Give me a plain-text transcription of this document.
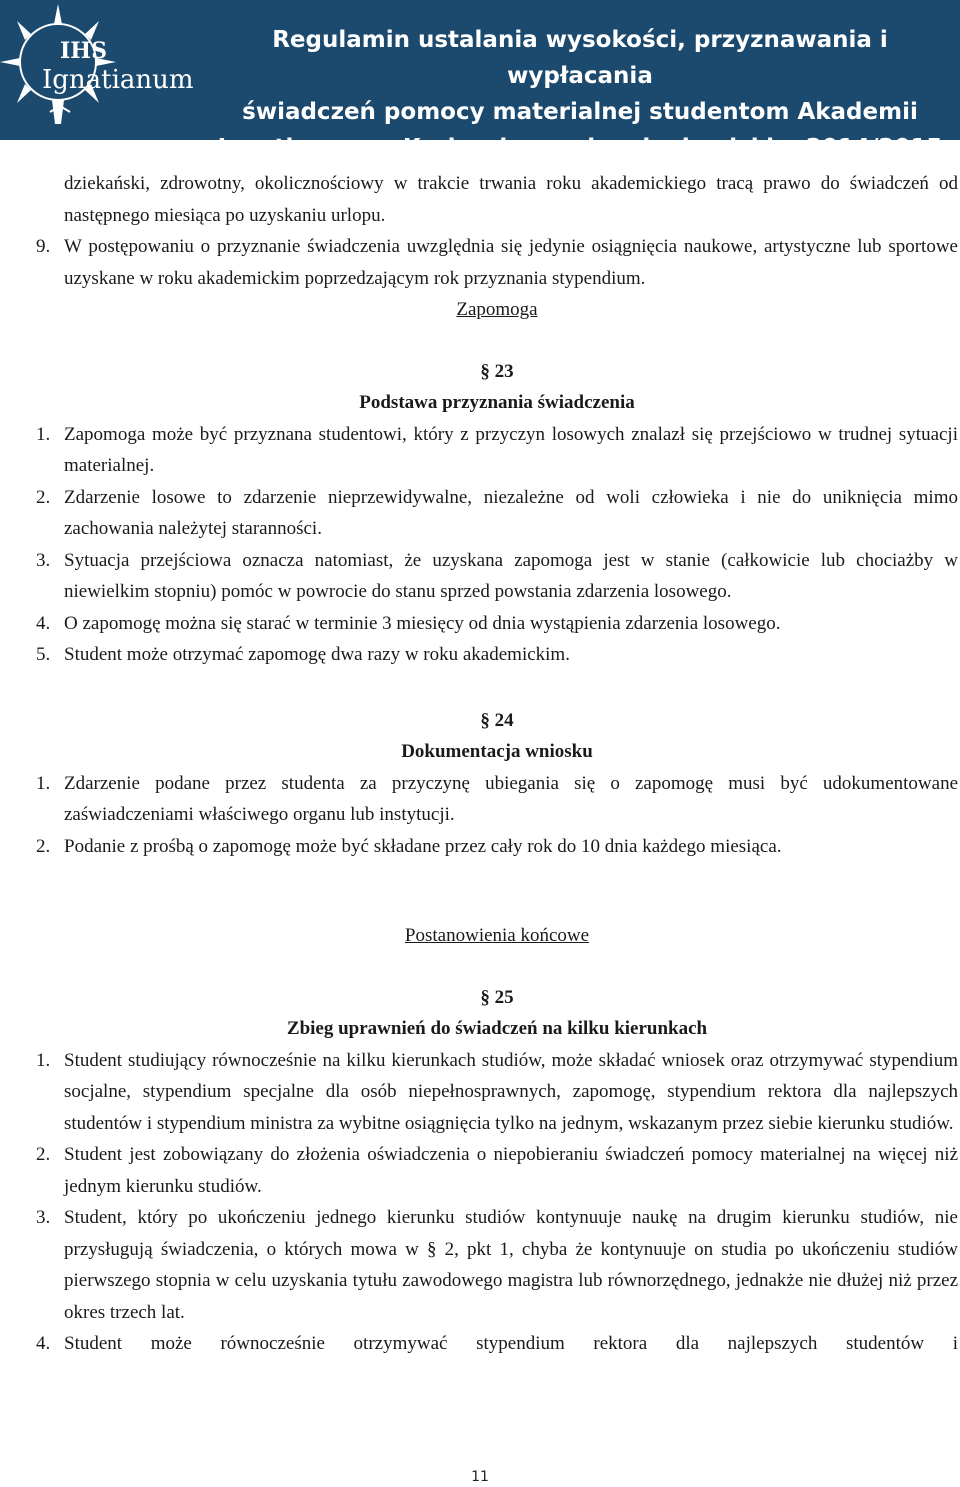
IHS
Ignatianum
Regulamin ustalania wysokości, przyznawania i wypłacania
świadczeń pomocy materialnej studentom Akademii
Ignatianum w Krakowie w roku akademickim 2014/2015

dziekański, zdrowotny, okolicznościowy w trakcie trwania roku akademickiego tracą prawo do świadczeń od następnego miesiąca po uzyskaniu urlopu.

9. W postępowaniu o przyznanie świadczenia uwzględnia się jedynie osiągnięcia naukowe, artystyczne lub sportowe uzyskane w roku akademickim poprzedzającym rok przyznania stypendium.

Zapomoga

§ 23

Podstawa przyznania świadczenia

1. Zapomoga może być przyznana studentowi, który z przyczyn losowych znalazł się przejściowo w trudnej sytuacji materialnej.

2. Zdarzenie losowe to zdarzenie nieprzewidywalne, niezależne od woli człowieka i nie do uniknięcia mimo zachowania należytej staranności.

3. Sytuacja przejściowa oznacza natomiast, że uzyskana zapomoga jest w stanie (całkowicie lub chociażby w niewielkim stopniu) pomóc w powrocie do stanu sprzed powstania zdarzenia losowego.

4. O zapomogę można się starać w terminie 3 miesięcy od dnia wystąpienia zdarzenia losowego.

5. Student może otrzymać zapomogę dwa razy w roku akademickim.

§ 24

Dokumentacja wniosku

1. Zdarzenie podane przez studenta za przyczynę ubiegania się o zapomogę musi być udokumentowane zaświadczeniami właściwego organu lub instytucji.

2. Podanie z prośbą o zapomogę może być składane przez cały rok do 10 dnia każdego miesiąca.

Postanowienia końcowe

§ 25

Zbieg uprawnień do świadczeń na kilku kierunkach

1. Student studiujący równocześnie na kilku kierunkach studiów, może składać wniosek oraz otrzymywać stypendium socjalne, stypendium specjalne dla osób niepełnosprawnych, zapomogę, stypendium rektora dla najlepszych studentów i stypendium ministra za wybitne osiągnięcia tylko na jednym, wskazanym przez siebie kierunku studiów.

2. Student jest zobowiązany do złożenia oświadczenia o niepobieraniu świadczeń pomocy materialnej na więcej niż jednym kierunku studiów.

3. Student, który po ukończeniu jednego kierunku studiów kontynuuje naukę na drugim kierunku studiów, nie przysługują świadczenia, o których mowa w § 2, pkt 1, chyba że kontynuuje on studia po ukończeniu studiów pierwszego stopnia w celu uzyskania tytułu zawodowego magistra lub równorzędnego, jednakże nie dłużej niż przez okres trzech lat.

4. Student może równocześnie otrzymywać stypendium rektora dla najlepszych studentów i

11
